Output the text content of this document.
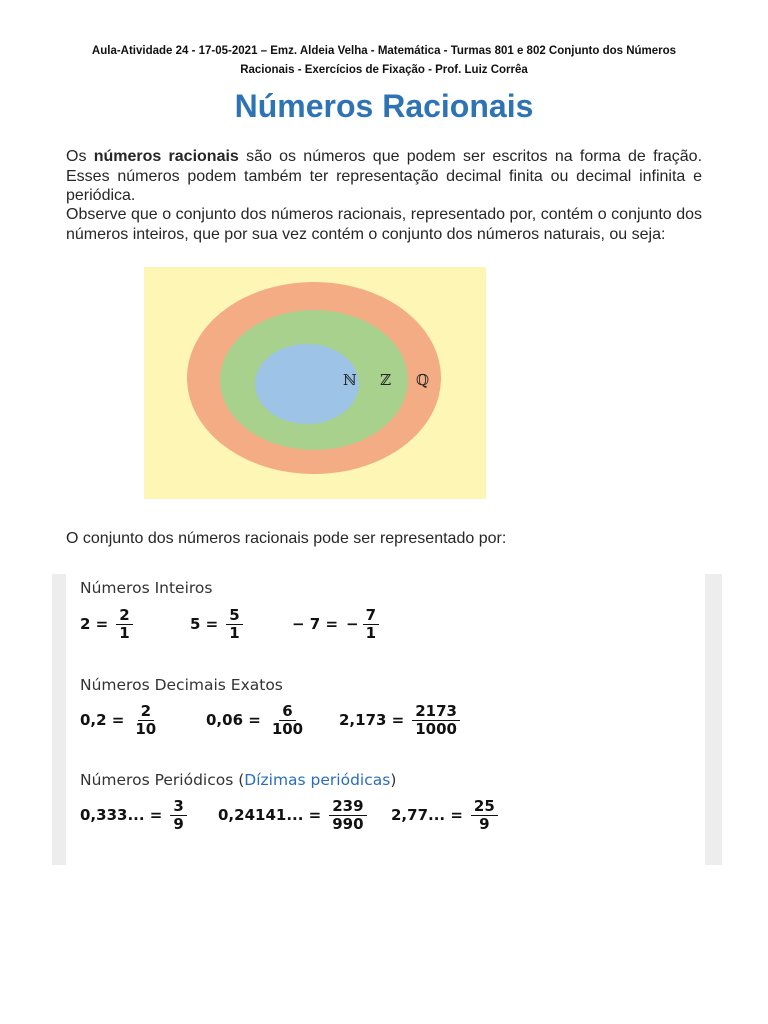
Aula-Atividade 24 - 17-05-2021 – Emz. Aldeia Velha - Matemática - Turmas 801 e 802 Conjunto dos Números
Racionais - Exercícios de Fixação - Prof. Luiz Corrêa
Números Racionais

Os números racionais são os números que podem ser escritos na forma de fração. Esses números podem também ter representação decimal finita ou decimal infinita e periódica.

Observe que o conjunto dos números racionais, representado por, contém o conjunto dos números inteiros, que por sua vez contém o conjunto dos números naturais, ou seja:

ℕ ℤ ℚ

O conjunto dos números racionais pode ser representado por:

Números Inteiros
$2 = \frac{2}{1}$	$5 = \frac{5}{1}$	− 7 = − $\frac{7}{1}$
Números Decimais Exatos
$0,2 = \frac{2}{10}$	$0,06 = \frac{6}{100} 2,173 = \frac{2173}{1000}$
Números Periódicos (Dízimas periódicas)
0,333... = $\frac{3}{9} 0,24141$... = $\frac{239}{990} 2,77$... = $\frac{25}{9}$
